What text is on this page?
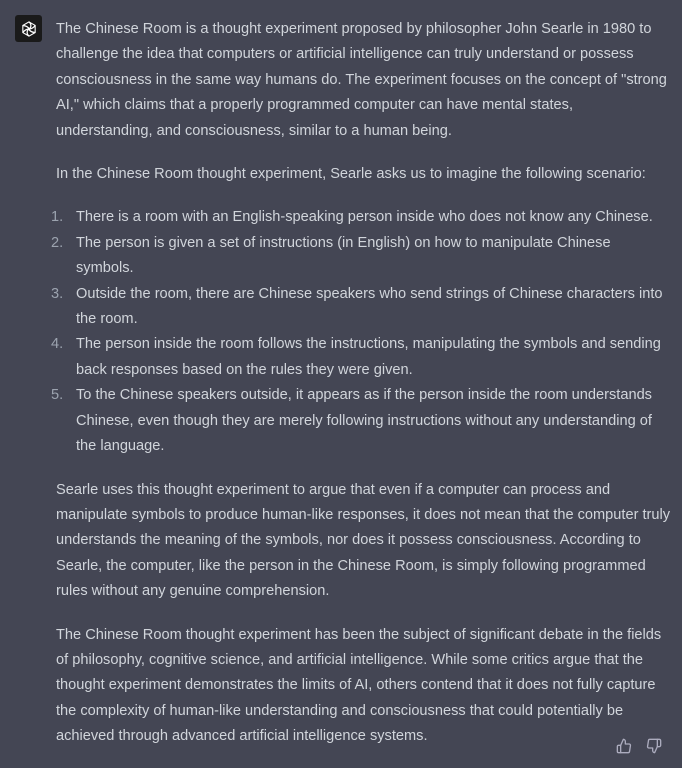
The Chinese Room is a thought experiment proposed by philosopher John Searle in 1980 to challenge the idea that computers or artificial intelligence can truly understand or possess consciousness in the same way humans do. The experiment focuses on the concept of "strong AI," which claims that a properly programmed computer can have mental states, understanding, and consciousness, similar to a human being.

In the Chinese Room thought experiment, Searle asks us to imagine the following scenario:

1. There is a room with an English-speaking person inside who does not know any Chinese.
2. The person is given a set of instructions (in English) on how to manipulate Chinese symbols.
3. Outside the room, there are Chinese speakers who send strings of Chinese characters into the room.
4. The person inside the room follows the instructions, manipulating the symbols and sending back responses based on the rules they were given.
5. To the Chinese speakers outside, it appears as if the person inside the room understands Chinese, even though they are merely following instructions without any understanding of the language.

Searle uses this thought experiment to argue that even if a computer can process and manipulate symbols to produce human-like responses, it does not mean that the computer truly understands the meaning of the symbols, nor does it possess consciousness. According to Searle, the computer, like the person in the Chinese Room, is simply following programmed rules without any genuine comprehension.

The Chinese Room thought experiment has been the subject of significant debate in the fields of philosophy, cognitive science, and artificial intelligence. While some critics argue that the thought experiment demonstrates the limits of AI, others contend that it does not fully capture the complexity of human-like understanding and consciousness that could potentially be achieved through advanced artificial intelligence systems.
